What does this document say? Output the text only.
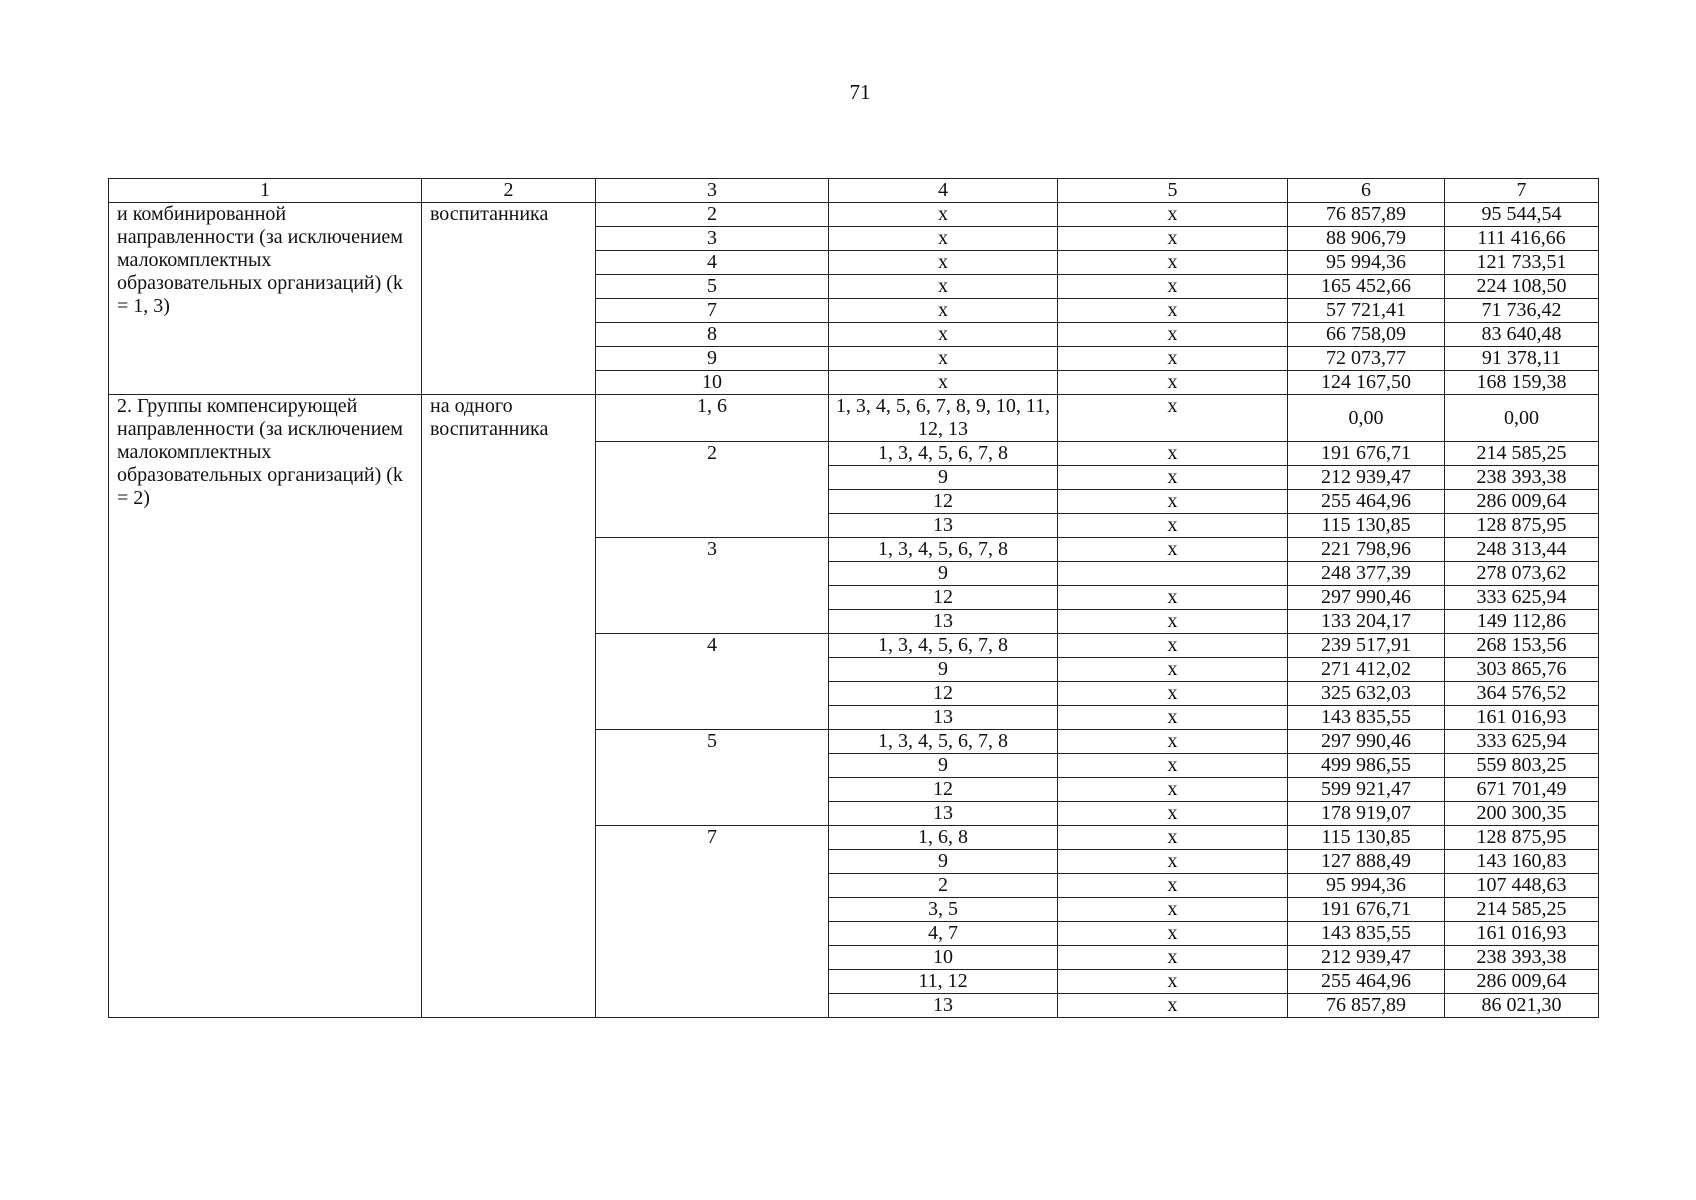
71
1	2	3	4	5	6	7
и комбинированной направленности (за исключением малокомплектных образовательных организаций) (k = 1, 3)	воспитанника	2	x	x	76 857,89	95 544,54
		3	x	x	88 906,79	111 416,66
		4	x	x	95 994,36	121 733,51
		5	x	x	165 452,66	224 108,50
		7	x	x	57 721,41	71 736,42
		8	x	x	66 758,09	83 640,48
		9	x	x	72 073,77	91 378,11
		10	x	x	124 167,50	168 159,38
2. Группы компенсирующей направленности (за исключением малокомплектных образовательных организаций) (k = 2)	на одного воспитанника	1, 6	1, 3, 4, 5, 6, 7, 8, 9, 10, 11, 12, 13	x	0,00	0,00
		2	1, 3, 4, 5, 6, 7, 8	x	191 676,71	214 585,25
			9	x	212 939,47	238 393,38
			12	x	255 464,96	286 009,64
			13	x	115 130,85	128 875,95
		3	1, 3, 4, 5, 6, 7, 8	x	221 798,96	248 313,44
			9		248 377,39	278 073,62
			12	x	297 990,46	333 625,94
			13	x	133 204,17	149 112,86
		4	1, 3, 4, 5, 6, 7, 8	x	239 517,91	268 153,56
			9	x	271 412,02	303 865,76
			12	x	325 632,03	364 576,52
			13	x	143 835,55	161 016,93
		5	1, 3, 4, 5, 6, 7, 8	x	297 990,46	333 625,94
			9	x	499 986,55	559 803,25
			12	x	599 921,47	671 701,49
			13	x	178 919,07	200 300,35
		7	1, 6, 8	x	115 130,85	128 875,95
			9	x	127 888,49	143 160,83
			2	x	95 994,36	107 448,63
			3, 5	x	191 676,71	214 585,25
			4, 7	x	143 835,55	161 016,93
			10	x	212 939,47	238 393,38
			11, 12	x	255 464,96	286 009,64
			13	x	76 857,89	86 021,30
